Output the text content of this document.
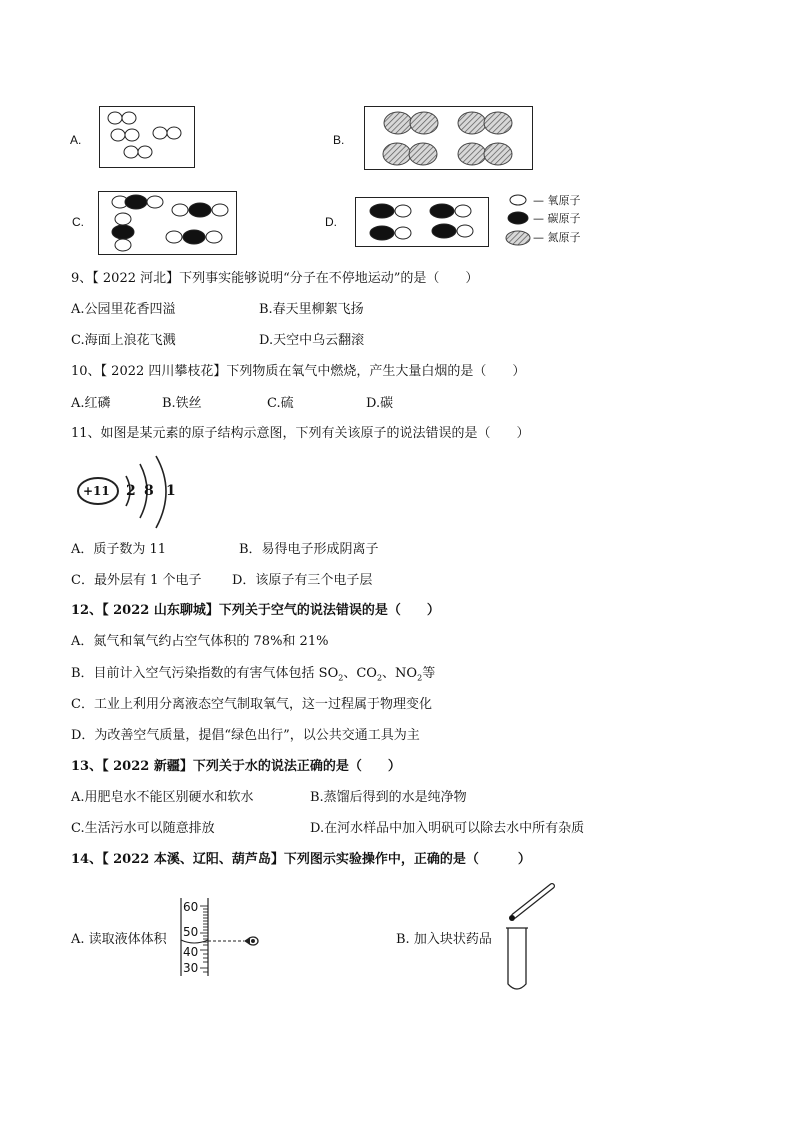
A.	B.
C.	D.
— 氧原子
— 碳原子
— 氮原子
9、【 2022 河北】下列事实能够说明“分子在不停地运动”的是（　　）
A.公园里花香四溢	B.春天里柳絮飞扬
C.海面上浪花飞溅	D.天空中乌云翻滚
10、【 2022 四川攀枝花】下列物质在氧气中燃烧，产生大量白烟的是（　　）
A.红磷	B.铁丝	C.硫	D.碳
11、如图是某元素的原子结构示意图，下列有关该原子的说法错误的是（　　）
+11 2 8 1
A．质子数为 11	B．易得电子形成阴离子
C．最外层有 1 个电子 D．该原子有三个电子层
12、【 2022 山东聊城】下列关于空气的说法错误的是（　　）
A．氮气和氧气约占空气体积的 78%和 21%
B．目前计入空气污染指数的有害气体包括 $SO_2$、$CO_2$、$NO_2$等
C．工业上利用分离液态空气制取氧气，这一过程属于物理变化
D．为改善空气质量，提倡“绿色出行”，以公共交通工具为主
13、【 2022 新疆】下列关于水的说法正确的是（　　）
A.用肥皂水不能区别硬水和软水	B.蒸馏后得到的水是纯净物
C.生活污水可以随意排放	D.在河水样品中加入明矾可以除去水中所有杂质
14、【 2022 本溪、辽阳、葫芦岛】下列图示实验操作中，正确的是（　　　）
A. 读取液体体积
60
50
40
30
B. 加入块状药品
